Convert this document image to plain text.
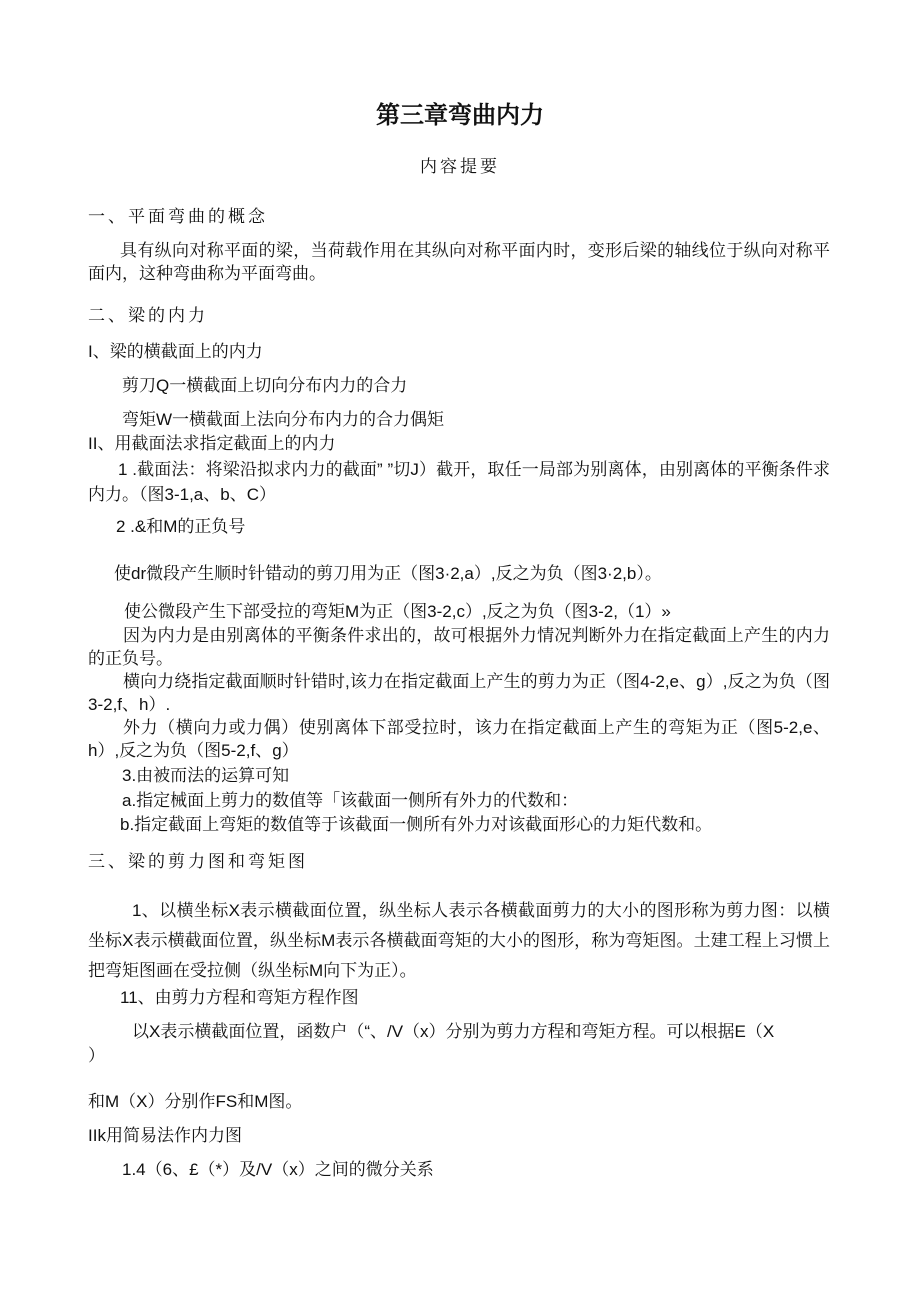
第三章弯曲内力
内容提要
一、平面弯曲的概念

具有纵向对称平面的梁，当荷载作用在其纵向对称平面内时，变形后梁的轴线位于纵向对称平面内，这种弯曲称为平面弯曲。

二、梁的内力
I、梁的横截面上的内力
剪刀Q一横截面上切向分布内力的合力
弯矩W一横截面上法向分布内力的合力偶矩
II、用截面法求指定截面上的内力

1 .截面法：将梁沿拟求内力的截面” ”切J）截开，取任一局部为别离体，由别离体的平衡条件求内力。（图3-1,a、b、C）

2 .&和M的正负号
使dr微段产生顺时针错动的剪刀用为正（图3·2,a）,反之为负（图3·2,b）。
使公微段产生下部受拉的弯矩M为正（图3-2,c）,反之为负（图3-2,（1）»

因为内力是由别离体的平衡条件求出的，故可根据外力情况判断外力在指定截面上产生的内力的正负号。

横向力绕指定截面顺时针错时,该力在指定截面上产生的剪力为正（图4-2,e、g）,反之为负（图3-2,f、h）.

外力（横向力或力偶）使别离体下部受拉时，该力在指定截面上产生的弯矩为正（图5-2,e、h）,反之为负（图5-2,f、g）

3.由被而法的运算可知
a.指定械面上剪力的数值等「该截面一侧所有外力的代数和：
b.指定截面上弯矩的数值等于该截面一侧所有外力对该截面形心的力矩代数和。
三、梁的剪力图和弯矩图

1、以横坐标X表示横截面位置，纵坐标人表示各横截面剪力的大小的图形称为剪力图：以横坐标X表示横截面位置，纵坐标M表示各横截面弯矩的大小的图形，称为弯矩图。土建工程上习惯上把弯矩图画在受拉侧（纵坐标M向下为正）。

11、由剪力方程和弯矩方程作图
以X表示横截面位置，函数户（“、/V（x）分别为剪力方程和弯矩方程。可以根据E（X
）
和M（X）分别作FS和M图。
IIk用简易法作内力图
1.4（6、£（*）及/V（x）之间的微分关系
